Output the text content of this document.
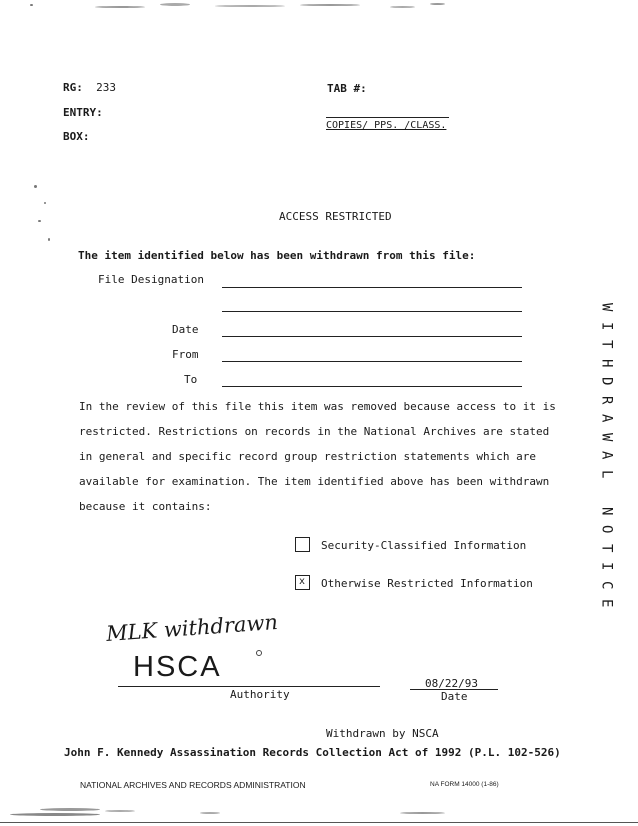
RG: 233
ENTRY:
BOX:
TAB #:
COPIES/ PPS. /CLASS.
ACCESS RESTRICTED
The item identified below has been withdrawn from this file:
File Designation
Date
From
To
In the review of this file this item was removed because access to it is
restricted. Restrictions on records in the National Archives are stated
in general and specific record group restriction statements which are
available for examination. The item identified above has been withdrawn
because it contains:
Security-Classified Information
x Otherwise Restricted Information
MLK withdrawn
HSCA
Authority
08/22/93
Date
Withdrawn by NSCA
John F. Kennedy Assassination Records Collection Act of 1992 (P.L. 102-526)
NATIONAL ARCHIVES AND RECORDS ADMINISTRATION	NA FORM 14000 (1-86)
W
I
T
H
D
R
A
W
A
L

N
O
T
I
C
E
